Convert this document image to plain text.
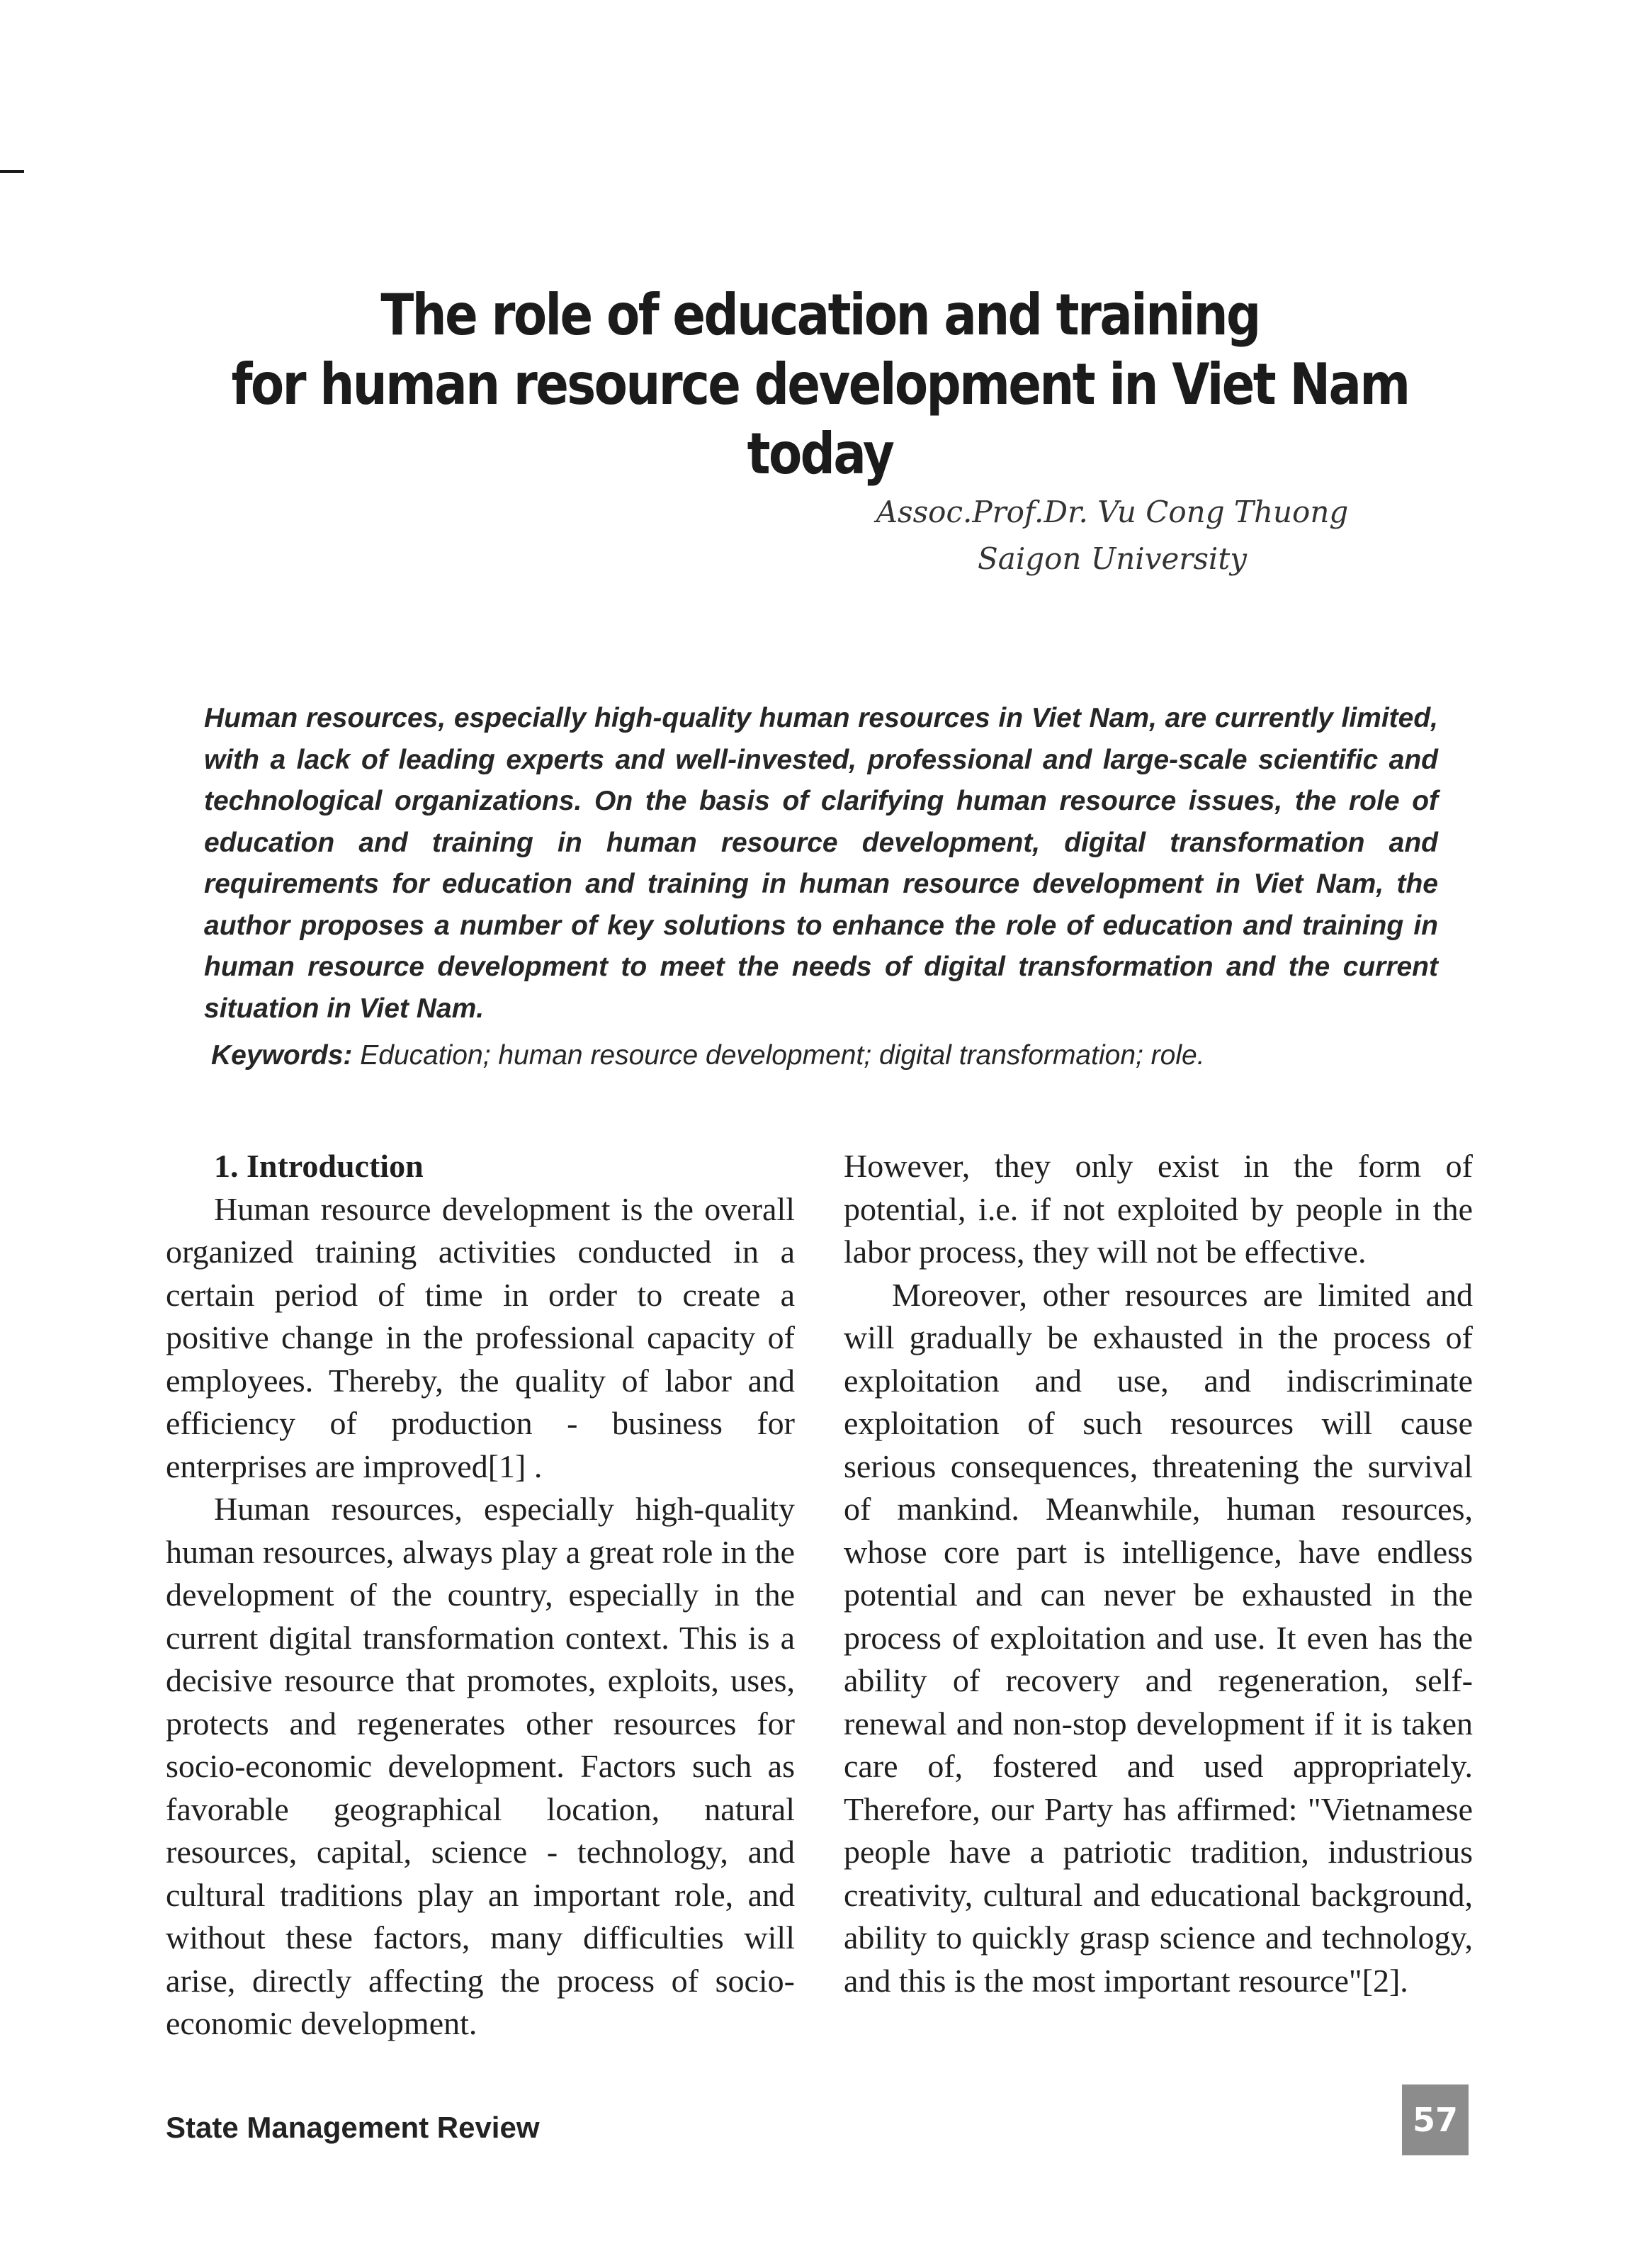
The role of education and training
for human resource development in Viet Nam today
Assoc.Prof.Dr. Vu Cong Thuong
Saigon University

Human resources, especially high-quality human resources in Viet Nam, are currently limited, with a lack of leading experts and well-invested, professional and large-scale scientific and technological organizations. On the basis of clarifying human resource issues, the role of education and training in human resource development, digital transformation and requirements for education and training in human resource development in Viet Nam, the author proposes a number of key solutions to enhance the role of education and training in human resource development to meet the needs of digital transformation and the current situation in Viet Nam.

Keywords: Education; human resource development; digital transformation; role.

1. Introduction

Human resource development is the overall organized training activities conducted in a certain period of time in order to create a positive change in the professional capacity of employees. Thereby, the quality of labor and efficiency of production - business for enterprises are improved[1] .

Human resources, especially high-quality human resources, always play a great role in the development of the country, especially in the current digital transformation context. This is a decisive resource that promotes, exploits, uses, protects and regenerates other resources for socio-economic development. Factors such as favorable geographical location, natural resources, capital, science - technology, and cultural traditions play an important role, and without these factors, many difficulties will arise, directly affecting the process of socio-economic development.

However, they only exist in the form of potential, i.e. if not exploited by people in the labor process, they will not be effective.

Moreover, other resources are limited and will gradually be exhausted in the process of exploitation and use, and indiscriminate exploitation of such resources will cause serious consequences, threatening the survival of mankind. Meanwhile, human resources, whose core part is intelligence, have endless potential and can never be exhausted in the process of exploitation and use. It even has the ability of recovery and regeneration, self-renewal and non-stop development if it is taken care of, fostered and used appropriately. Therefore, our Party has affirmed: "Vietnamese people have a patriotic tradition, industrious creativity, cultural and educational background, ability to quickly grasp science and technology, and this is the most important resource"[2].

State Management Review	57
